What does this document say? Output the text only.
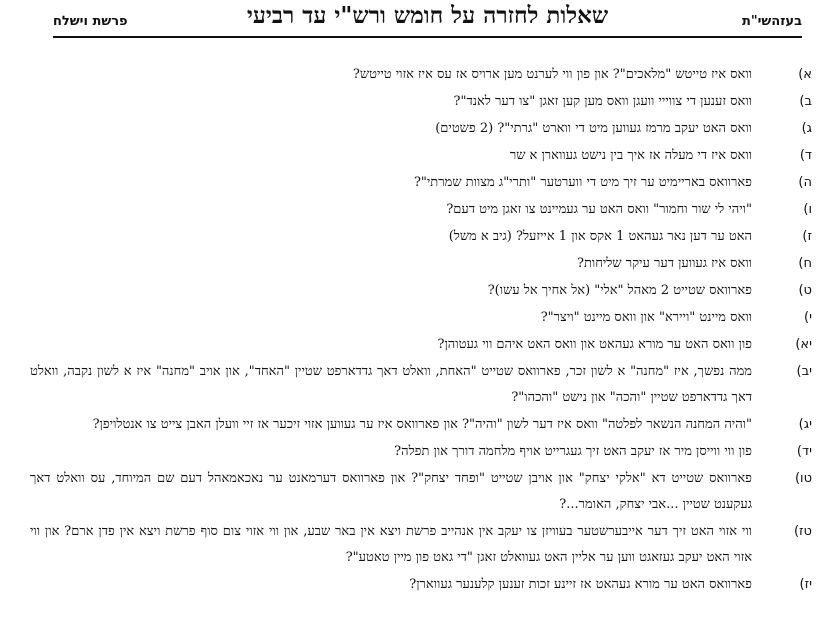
בעזהשי"ת
שאלות לחזרה על חומש ורש"י עד רביעי
פרשת וישלח
א)
וואס איז טייטש "מלאכים"? און פון ווי לערנט מען ארויס אז עס איז אזוי טייטש?
ב)
וואס זענען די צווייי וועגן וואס מען קען זאגן "צו דער לאנד"?
ג)
וואס האט יעקב מרמז געווען מיט די ווארט "גרתי"? (2 פשטים)
ד)
וואס איז די מעלה אז איך בין נישט געווארן א שר
ה)
פארוואס באריימיט ער זיך מיט די ווערטער "ותרי"ג מצוות שמרתי"?
ו)
"ויהי לי שור וחמור" וואס האט ער געמיינט צו זאגן מיט דעם?
ז)
האט ער דען נאר געהאט 1 אקס און 1 אייזעל? (גיב א משל)
ח)
וואס איז געווען דער עיקר שליחות?
ט)
פארוואס שטייט 2 מאהל "אלי" (אל אחיך אל עשו)?
י)
וואס מיינט "ויירא" און וואס מיינט "ויצר"?
יא)
פון וואס האט ער מורא געהאט און וואס האט איהם ווי געטוהן?
יב)
ממה נפשך, איז "מחנה" א לשון זכר, פארוואס שטייט "האחת, וואלט דאך גדדארפט שטיין "האחד", און אויב "מחנה" איז א לשון נקבה, וואלט דאך גדדארפט שטיין "והכה" און נישט "והכהו"?
יג)
"והיה המחנה הנשאר לפלטה" וואס איז דער לשון "והיה"? און פארוואס איז ער געווען אזוי זיכער אז זיי וועלן האבן צייט צו אנטלויפן?
יד)
פון ווי ווייסן מיר אז יעקב האט זיך געגרייט אויף מלחמה דורך און תפלה?
טו)
פארוואס שטייט דא "אלקי יצחק" און אויבן שטייט "ופחד יצחק"? און פארוואס דערמאנט ער נאכאמאהל דעם שם המיוחד, עס וואלט דאך געקענט שטיין ...אבי יצחק, האומר...?
טז)
ווי אזוי האט זיך דער אייבערשטער בעוויזן צו יעקב אין אנהייב פרשת ויצא אין באר שבע, און ווי אזוי צום סוף פרשת ויצא אין פדן ארם? און ווי אזוי האט יעקב געזאגט ווען ער אליין האט געוואלט זאגן "די גאט פון מיין טאטע"?
יז)
פארוואס האט ער מורא געהאט אז זיינע זכות זענען קלענער געווארן?
